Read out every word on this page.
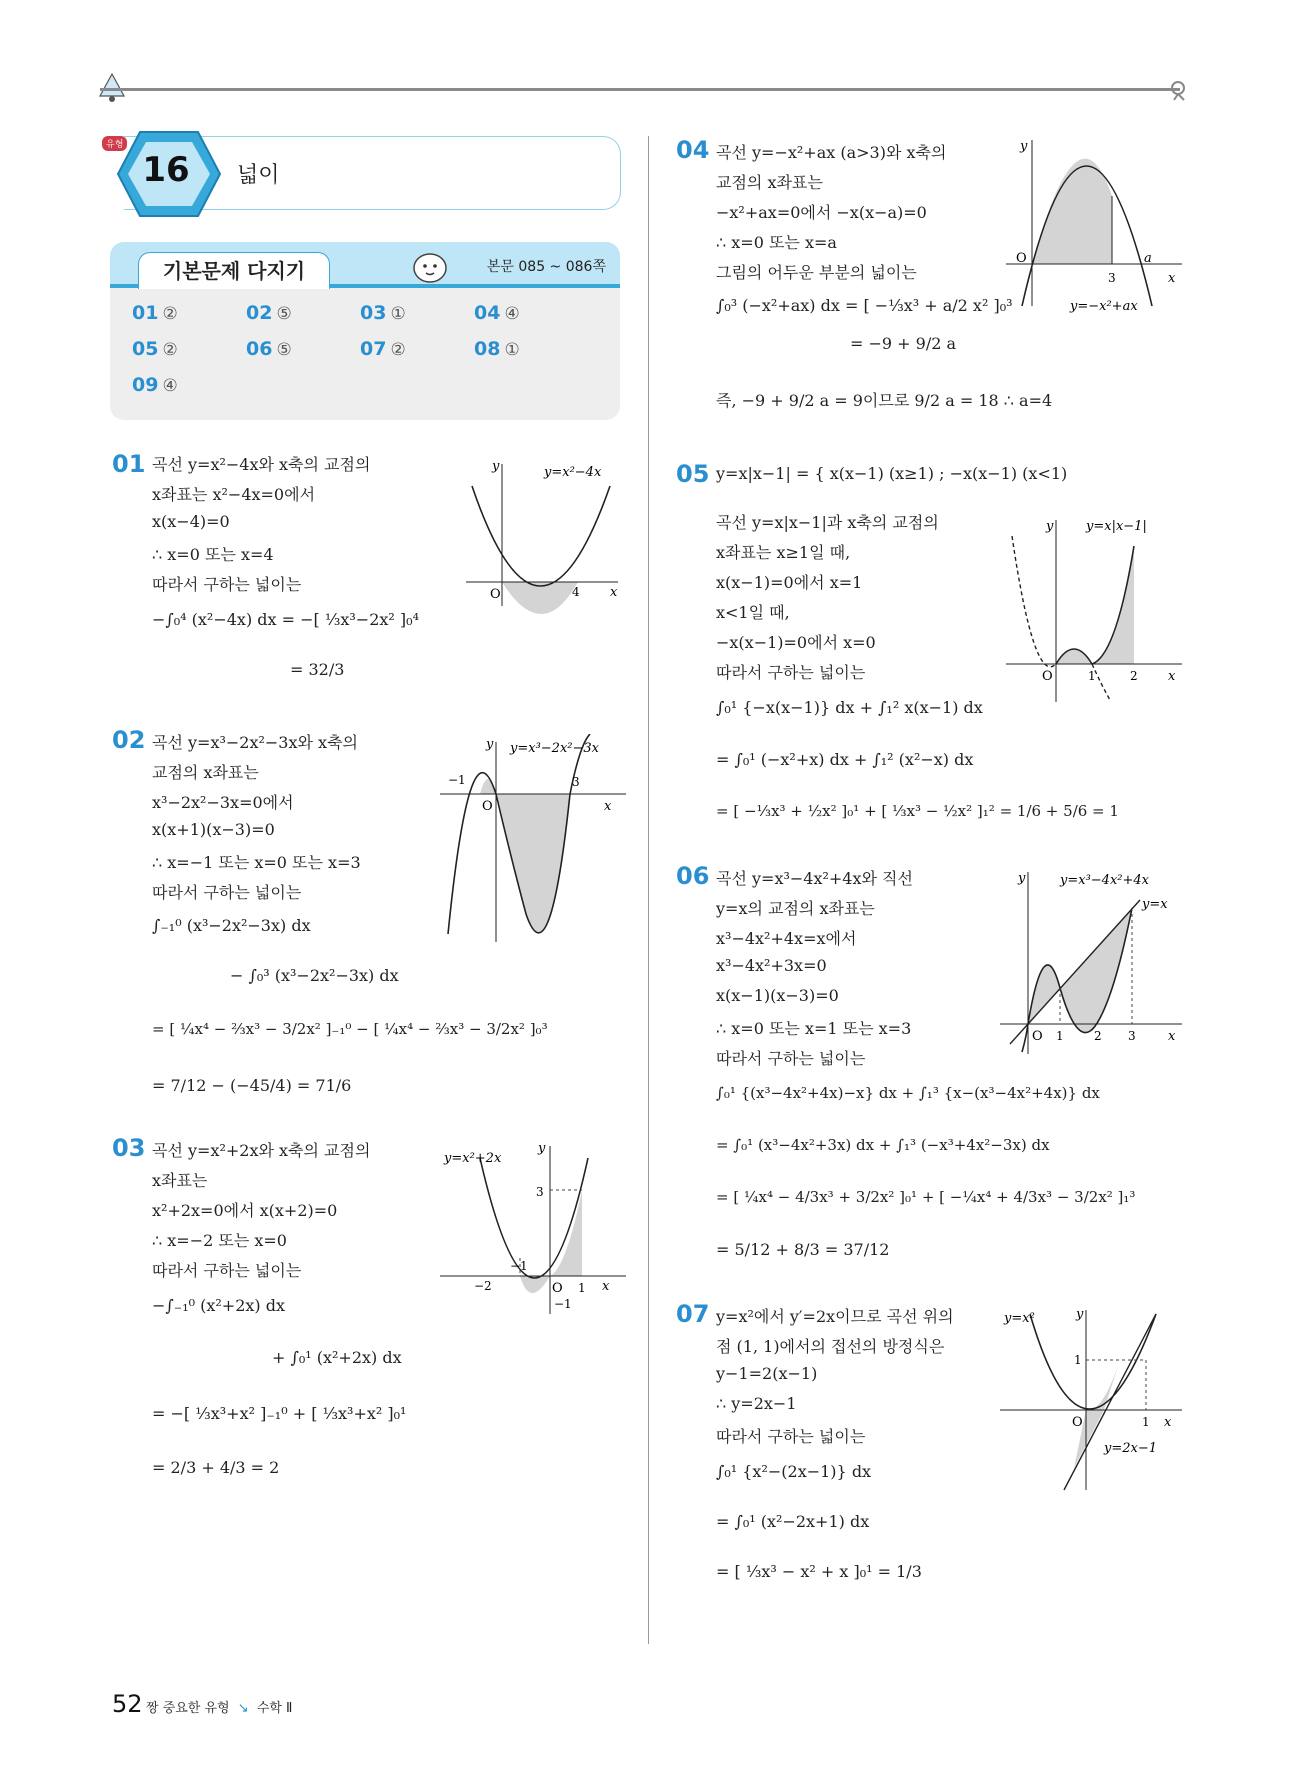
유형
16	넓이
기본문제 다지기	본문 085 ~ 086쪽
01 ②	02 ⑤	03 ①	04 ④
05 ②	06 ⑤	07 ②	08 ①
09 ④
01 곡선 y=x²−4x와 x축의 교점의
x좌표는 x²−4x=0에서
x(x−4)=0
∴ x=0 또는 x=4
따라서 구하는 넓이는
−∫₀⁴ (x²−4x) dx = −[ ⅓x³−2x² ]₀⁴
= 32/3
y
x
O	4
y=x²−4x
02 곡선 y=x³−2x²−3x와 x축의
교점의 x좌표는
x³−2x²−3x=0에서
x(x+1)(x−3)=0
∴ x=−1 또는 x=0 또는 x=3
따라서 구하는 넓이는
∫₋₁⁰ (x³−2x²−3x) dx
− ∫₀³ (x³−2x²−3x) dx
= [ ¼x⁴ − ⅔x³ − 3/2x² ]₋₁⁰ − [ ¼x⁴ − ⅔x³ − 3/2x² ]₀³
= 7/12 − (−45/4) = 71/6
y
x
O
−1	3
y=x³−2x²−3x
03 곡선 y=x²+2x와 x축의 교점의
x좌표는
x²+2x=0에서 x(x+2)=0
∴ x=−2 또는 x=0
따라서 구하는 넓이는
−∫₋₁⁰ (x²+2x) dx
+ ∫₀¹ (x²+2x) dx
= −[ ⅓x³+x² ]₋₁⁰ + [ ⅓x³+x² ]₀¹
= 2/3 + 4/3 = 2
y
x
O
3
−2
−1
1
−1
y=x²+2x
04 곡선 y=−x²+ax (a>3)와 x축의
교점의 x좌표는
−x²+ax=0에서 −x(x−a)=0
∴ x=0 또는 x=a
그림의 어두운 부분의 넓이는
∫₀³ (−x²+ax) dx = [ −⅓x³ + a/2 x² ]₀³
= −9 + 9/2 a
즉, −9 + 9/2 a = 9이므로 9/2 a = 18 ∴ a=4
y
x
O
3
a
y=−x²+ax
05 y=x|x−1| = { x(x−1) (x≥1) ; −x(x−1) (x<1)
곡선 y=x|x−1|과 x축의 교점의
x좌표는 x≥1일 때,
x(x−1)=0에서 x=1
x<1일 때,
−x(x−1)=0에서 x=0
따라서 구하는 넓이는
∫₀¹ {−x(x−1)} dx + ∫₁² x(x−1) dx
= ∫₀¹ (−x²+x) dx + ∫₁² (x²−x) dx
= [ −⅓x³ + ½x² ]₀¹ + [ ⅓x³ − ½x² ]₁² = 1/6 + 5/6 = 1
y
x
O	1	2
y=x|x−1|
06 곡선 y=x³−4x²+4x와 직선
y=x의 교점의 x좌표는
x³−4x²+4x=x에서
x³−4x²+3x=0
x(x−1)(x−3)=0
∴ x=0 또는 x=1 또는 x=3
따라서 구하는 넓이는
∫₀¹ {(x³−4x²+4x)−x} dx + ∫₁³ {x−(x³−4x²+4x)} dx
= ∫₀¹ (x³−4x²+3x) dx + ∫₁³ (−x³+4x²−3x) dx
= [ ¼x⁴ − 4/3x³ + 3/2x² ]₀¹ + [ −¼x⁴ + 4/3x³ − 3/2x² ]₁³
= 5/12 + 8/3 = 37/12
y
x
O 1	2 3
y=x³−4x²+4x
y=x
07 y=x²에서 y′=2x이므로 곡선 위의
점 (1, 1)에서의 접선의 방정식은
y−1=2(x−1)
∴ y=2x−1
따라서 구하는 넓이는
∫₀¹ {x²−(2x−1)} dx
= ∫₀¹ (x²−2x+1) dx
= [ ⅓x³ − x² + x ]₀¹ = 1/3
y
x
O	1
1
y=x²
y=2x−1
52 짱 중요한 유형 ↘ 수학 Ⅱ
